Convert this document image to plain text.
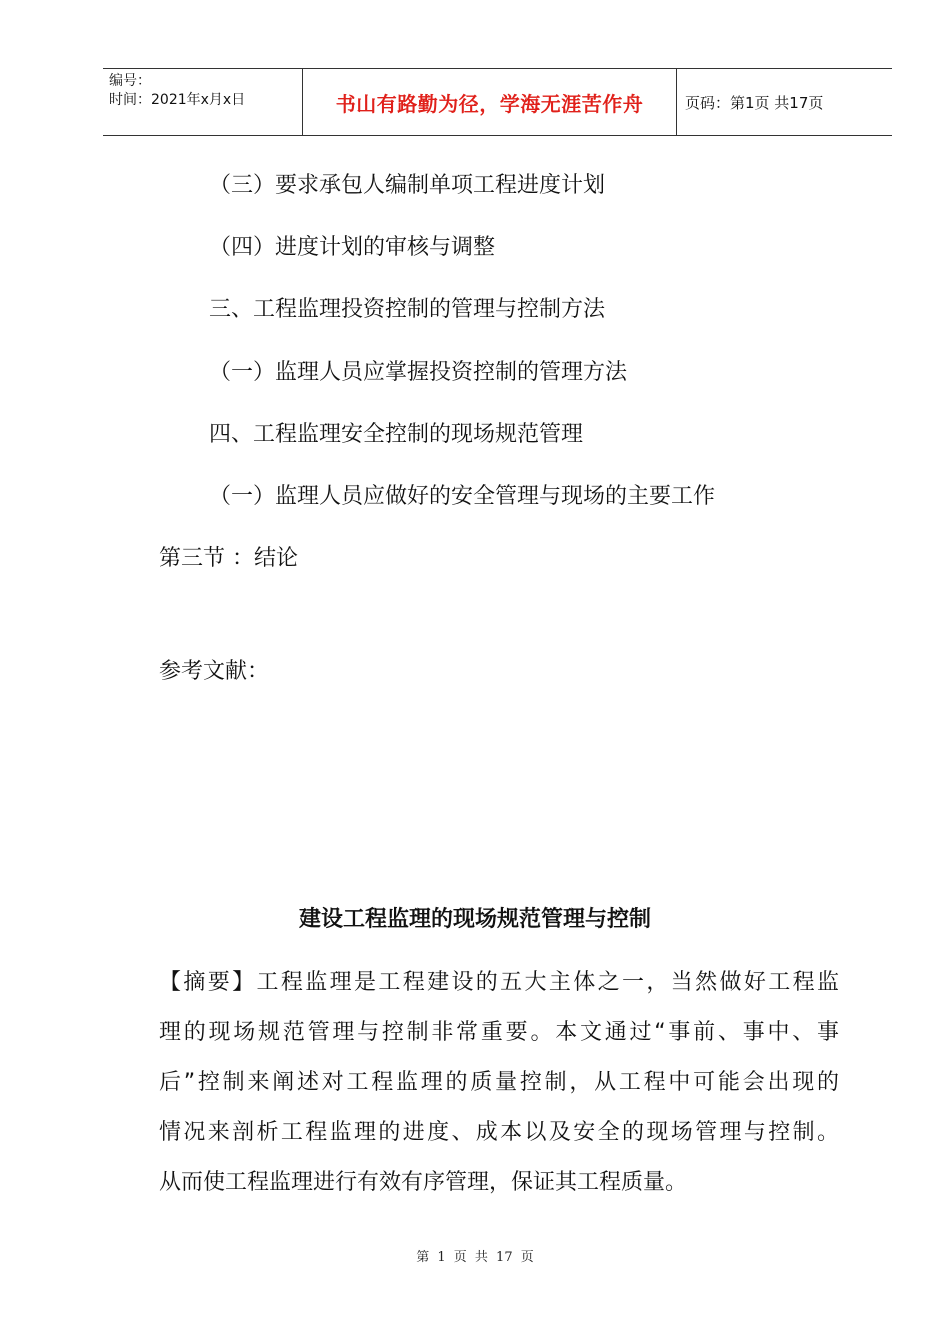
编号：
时间：2021年x月x日	书山有路勤为径，学海无涯苦作舟	页码：第1页 共17页
（三）要求承包人编制单项工程进度计划
（四）进度计划的审核与调整
三、工程监理投资控制的管理与控制方法
（一）监理人员应掌握投资控制的管理方法
四、工程监理安全控制的现场规范管理
（一）监理人员应做好的安全管理与现场的主要工作
第三节 ：结论
参考文献：
建设工程监理的现场规范管理与控制
【摘要】工程监理是工程建设的五大主体之一，当然做好工程监
理的现场规范管理与控制非常重要。本文通过“事前、事中、事
后”控制来阐述对工程监理的质量控制，从工程中可能会出现的
情况来剖析工程监理的进度、成本以及安全的现场管理与控制。
从而使工程监理进行有效有序管理，保证其工程质量。
第 1 页 共 17 页
